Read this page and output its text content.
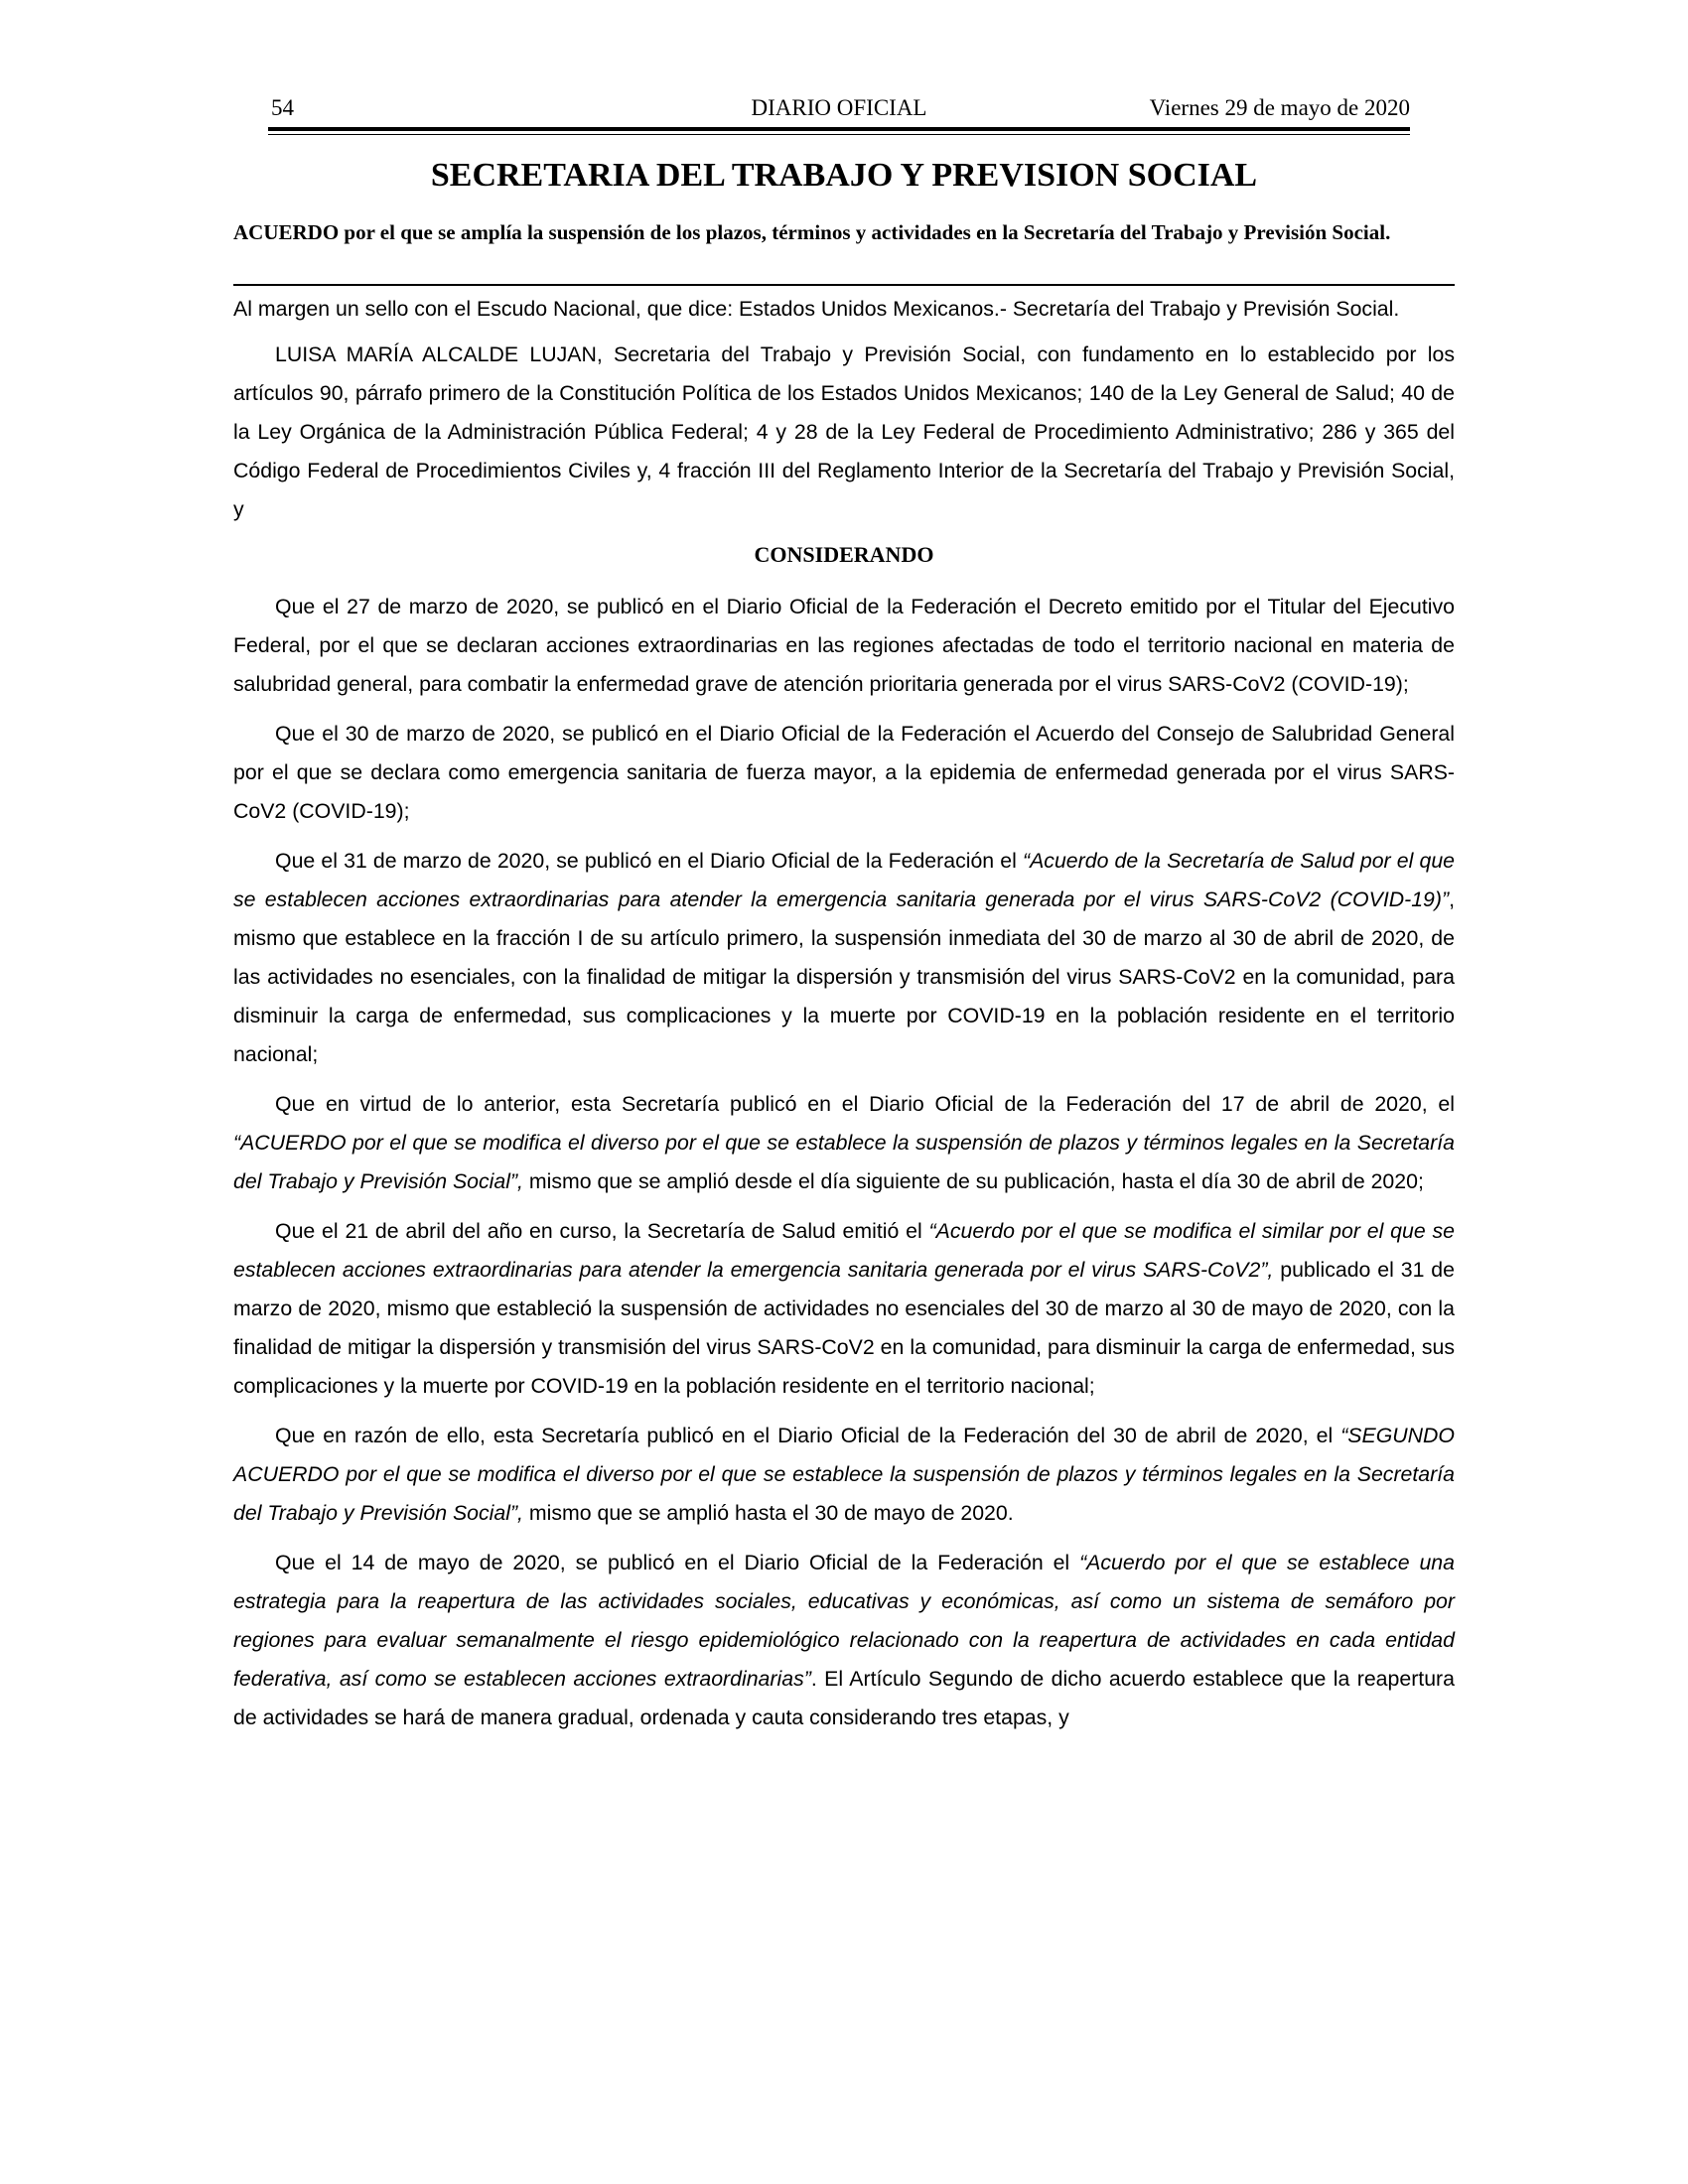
54	DIARIO OFICIAL	Viernes 29 de mayo de 2020
SECRETARIA DEL TRABAJO Y PREVISION SOCIAL
ACUERDO por el que se amplía la suspensión de los plazos, términos y actividades en la Secretaría del Trabajo y Previsión Social.

Al margen un sello con el Escudo Nacional, que dice: Estados Unidos Mexicanos.- Secretaría del Trabajo y Previsión Social.

LUISA MARÍA ALCALDE LUJAN, Secretaria del Trabajo y Previsión Social, con fundamento en lo establecido por los artículos 90, párrafo primero de la Constitución Política de los Estados Unidos Mexicanos; 140 de la Ley General de Salud; 40 de la Ley Orgánica de la Administración Pública Federal; 4 y 28 de la Ley Federal de Procedimiento Administrativo; 286 y 365 del Código Federal de Procedimientos Civiles y, 4 fracción III del Reglamento Interior de la Secretaría del Trabajo y Previsión Social, y

CONSIDERANDO

Que el 27 de marzo de 2020, se publicó en el Diario Oficial de la Federación el Decreto emitido por el Titular del Ejecutivo Federal, por el que se declaran acciones extraordinarias en las regiones afectadas de todo el territorio nacional en materia de salubridad general, para combatir la enfermedad grave de atención prioritaria generada por el virus SARS-CoV2 (COVID-19);

Que el 30 de marzo de 2020, se publicó en el Diario Oficial de la Federación el Acuerdo del Consejo de Salubridad General por el que se declara como emergencia sanitaria de fuerza mayor, a la epidemia de enfermedad generada por el virus SARS-CoV2 (COVID-19);

Que el 31 de marzo de 2020, se publicó en el Diario Oficial de la Federación el “Acuerdo de la Secretaría de Salud por el que se establecen acciones extraordinarias para atender la emergencia sanitaria generada por el virus SARS-CoV2 (COVID-19)”, mismo que establece en la fracción I de su artículo primero, la suspensión inmediata del 30 de marzo al 30 de abril de 2020, de las actividades no esenciales, con la finalidad de mitigar la dispersión y transmisión del virus SARS-CoV2 en la comunidad, para disminuir la carga de enfermedad, sus complicaciones y la muerte por COVID-19 en la población residente en el territorio nacional;

Que en virtud de lo anterior, esta Secretaría publicó en el Diario Oficial de la Federación del 17 de abril de 2020, el “ACUERDO por el que se modifica el diverso por el que se establece la suspensión de plazos y términos legales en la Secretaría del Trabajo y Previsión Social”, mismo que se amplió desde el día siguiente de su publicación, hasta el día 30 de abril de 2020;

Que el 21 de abril del año en curso, la Secretaría de Salud emitió el “Acuerdo por el que se modifica el similar por el que se establecen acciones extraordinarias para atender la emergencia sanitaria generada por el virus SARS-CoV2”, publicado el 31 de marzo de 2020, mismo que estableció la suspensión de actividades no esenciales del 30 de marzo al 30 de mayo de 2020, con la finalidad de mitigar la dispersión y transmisión del virus SARS-CoV2 en la comunidad, para disminuir la carga de enfermedad, sus complicaciones y la muerte por COVID-19 en la población residente en el territorio nacional;

Que en razón de ello, esta Secretaría publicó en el Diario Oficial de la Federación del 30 de abril de 2020, el “SEGUNDO ACUERDO por el que se modifica el diverso por el que se establece la suspensión de plazos y términos legales en la Secretaría del Trabajo y Previsión Social”, mismo que se amplió hasta el 30 de mayo de 2020.

Que el 14 de mayo de 2020, se publicó en el Diario Oficial de la Federación el “Acuerdo por el que se establece una estrategia para la reapertura de las actividades sociales, educativas y económicas, así como un sistema de semáforo por regiones para evaluar semanalmente el riesgo epidemiológico relacionado con la reapertura de actividades en cada entidad federativa, así como se establecen acciones extraordinarias”. El Artículo Segundo de dicho acuerdo establece que la reapertura de actividades se hará de manera gradual, ordenada y cauta considerando tres etapas, y
